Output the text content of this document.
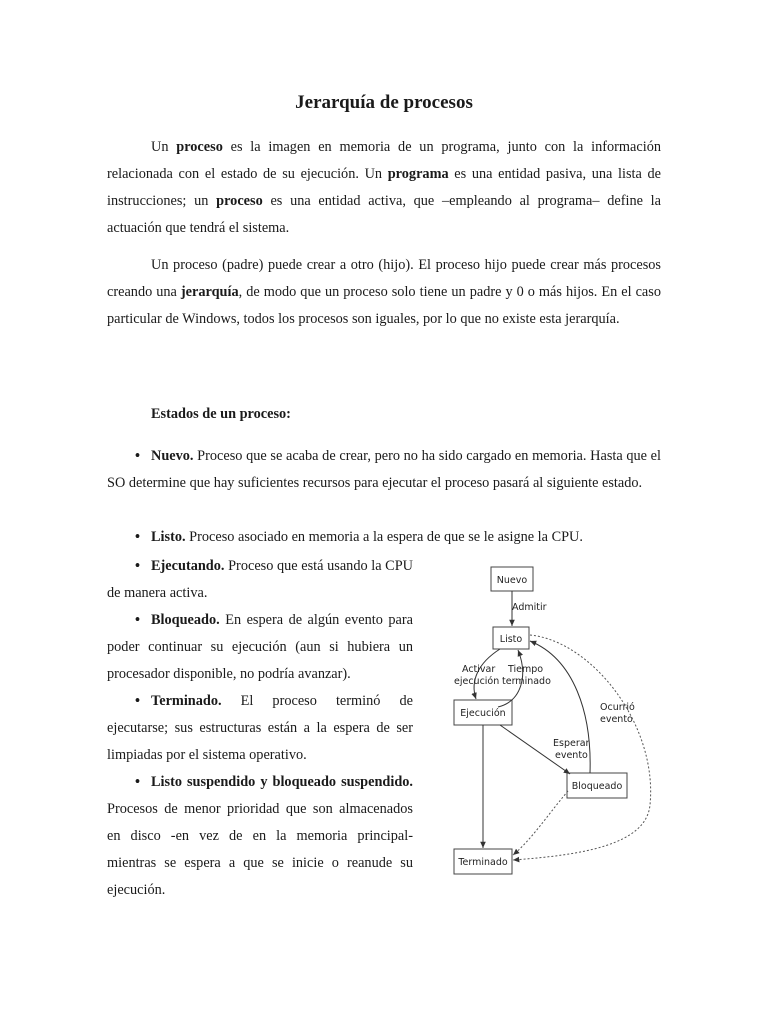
Jerarquía de procesos

Un proceso es la imagen en memoria de un programa, junto con la información relacionada con el estado de su ejecución. Un programa es una entidad pasiva, una lista de instrucciones; un proceso es una entidad activa, que –empleando al programa– define la actuación que tendrá el sistema.

Un proceso (padre) puede crear a otro (hijo). El proceso hijo puede crear más procesos creando una jerarquía, de modo que un proceso solo tiene un padre y 0 o más hijos. En el caso particular de Windows, todos los procesos son iguales, por lo que no existe esta jerarquía.

Estados de un proceso:

• Nuevo. Proceso que se acaba de crear, pero no ha sido cargado en memoria. Hasta que el SO determine que hay suficientes recursos para ejecutar el proceso pasará al siguiente estado.

• Listo. Proceso asociado en memoria a la espera de que se le asigne la CPU.

• Ejecutando. Proceso que está usando la CPU de manera activa.

• Bloqueado. En espera de algún evento para poder continuar su ejecución (aun si hubiera un procesador disponible, no podría avanzar).

• Terminado. El proceso terminó de ejecutarse; sus estructuras están a la espera de ser limpiadas por el sistema operativo.

• Listo suspendido y bloqueado suspendido. Procesos de menor prioridad que son almacenados en disco -en vez de en la memoria principal- mientras se espera a que se inicie o reanude su ejecución.

Nuevo
Listo
Ejecución
Bloqueado
Terminado
Admitir
Activar
ejecución
Tiempo
terminado
Esperar
evento
Ocurrió
evento
